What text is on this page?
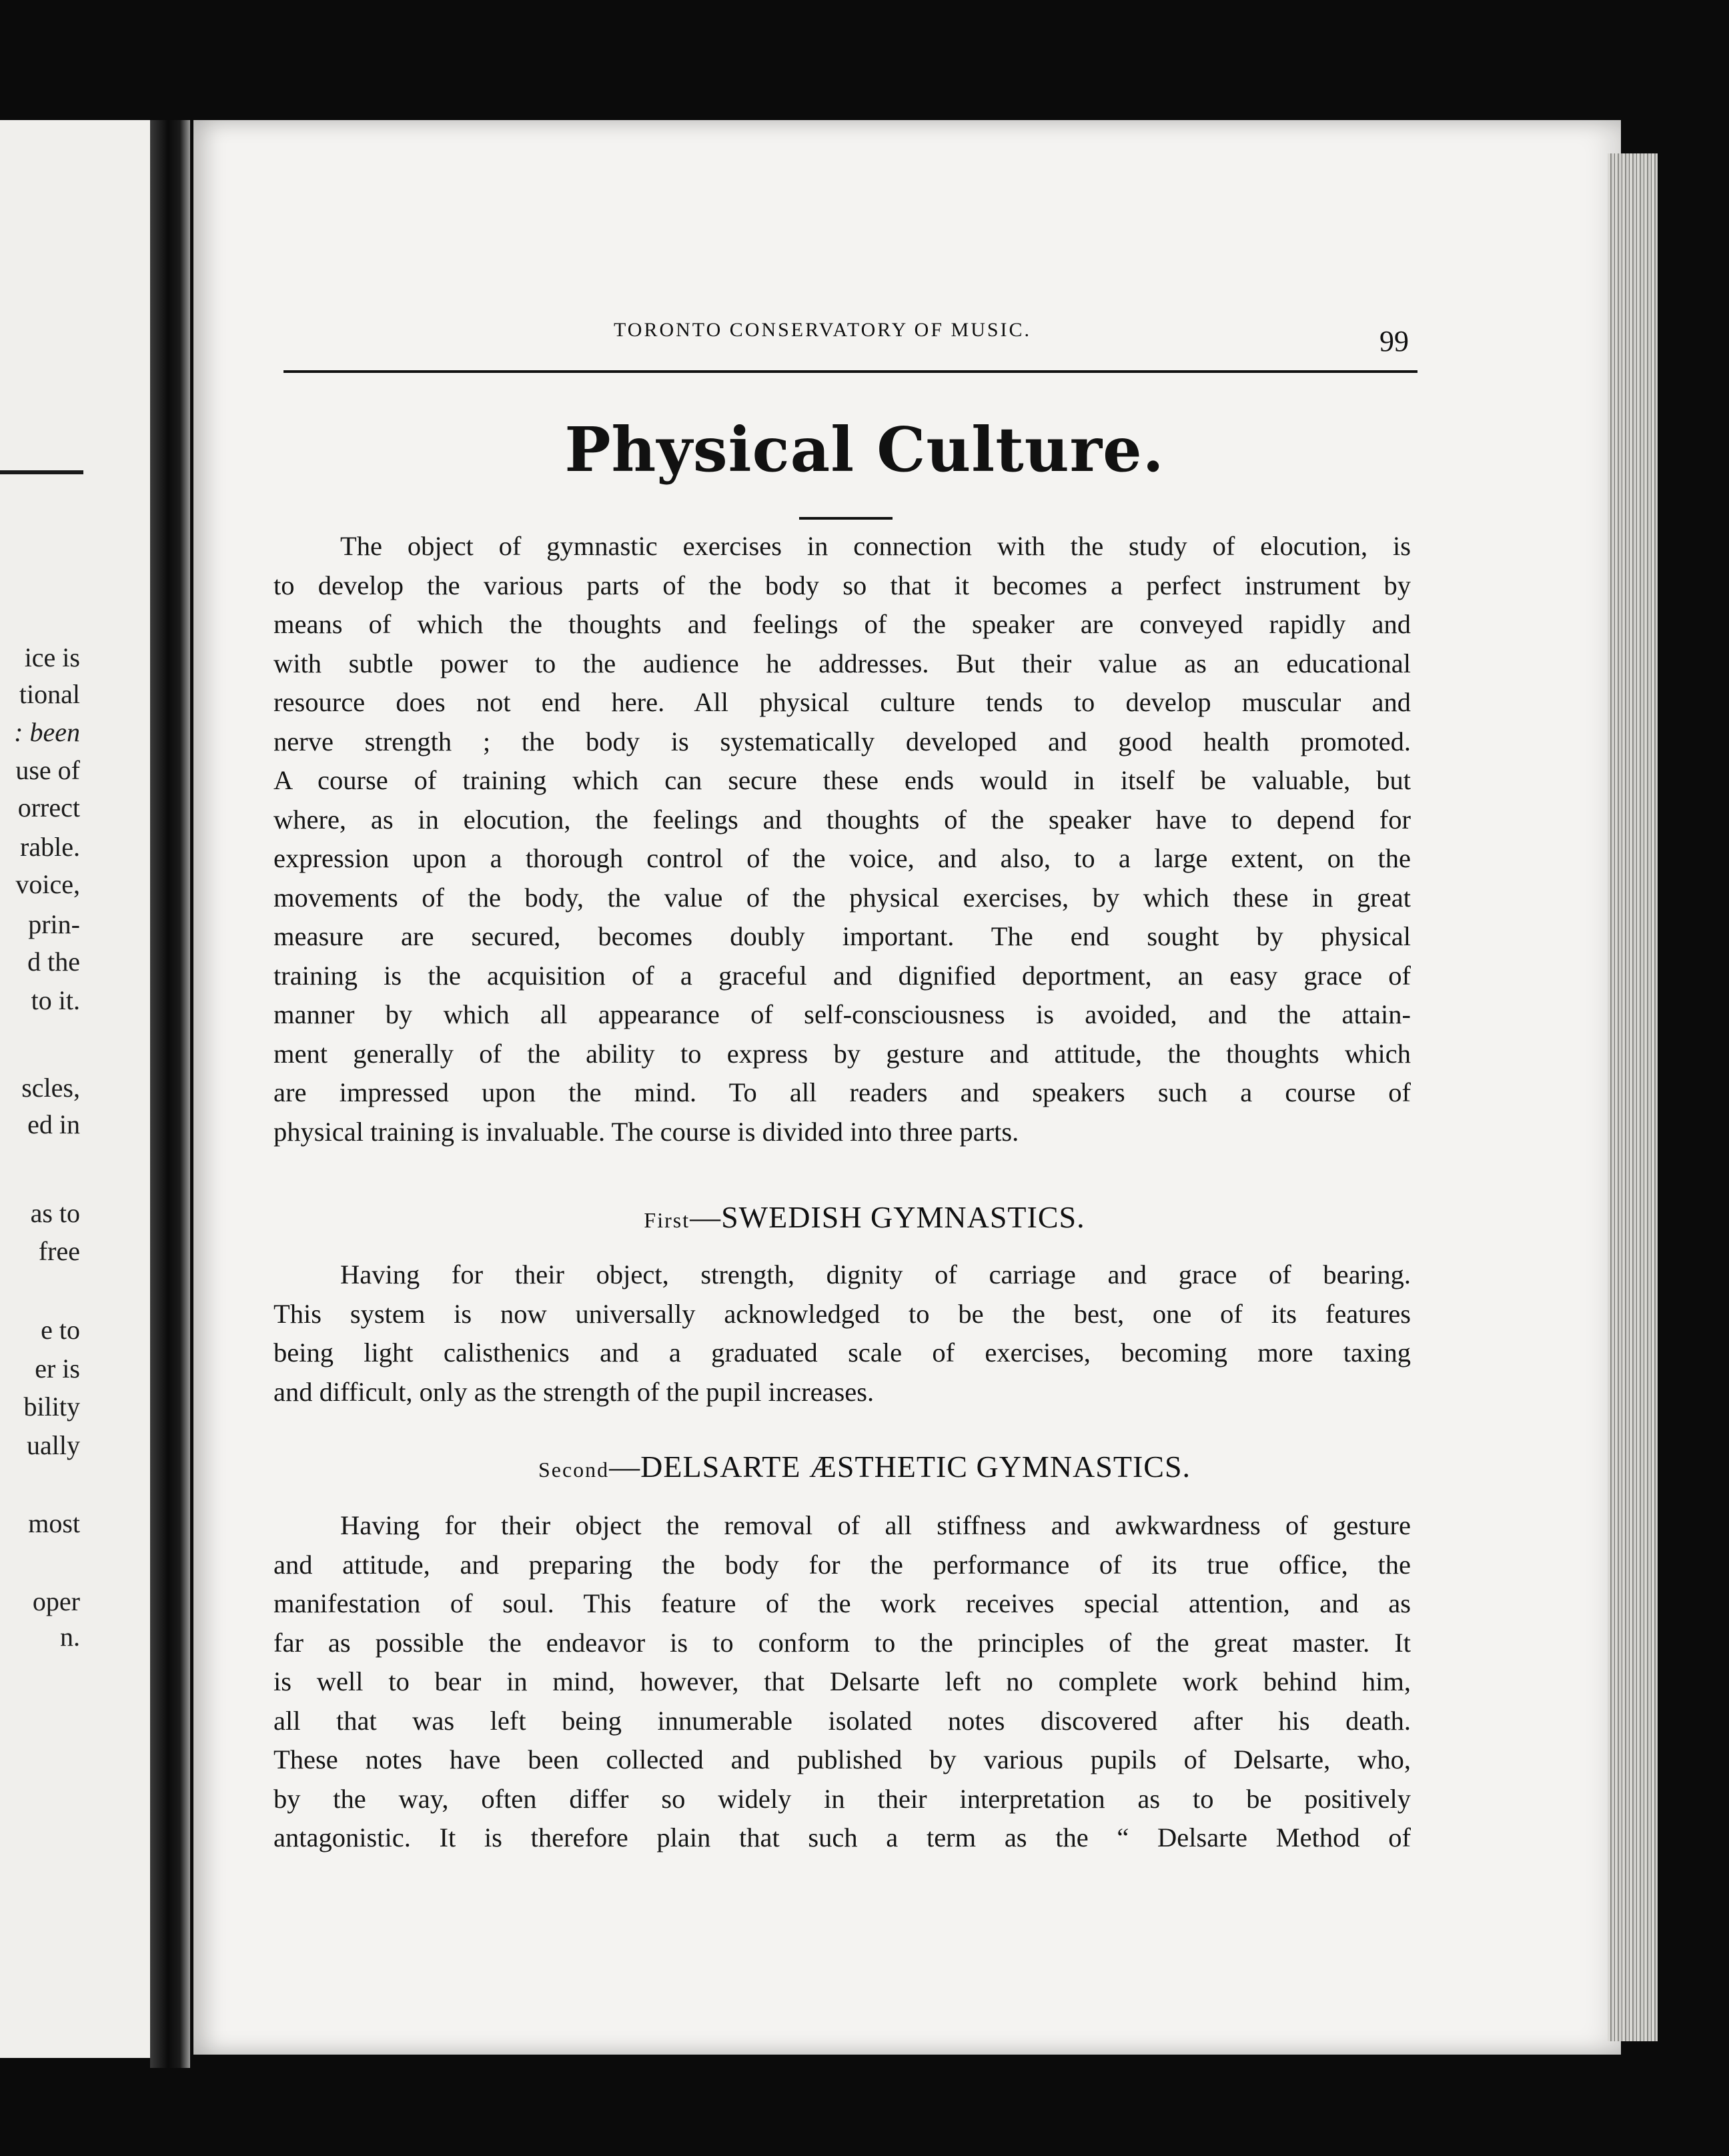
ice is
tional
: been
use of
orrect
rable.
voice,
prin-
d the
to it.
scles,
ed in
as to
free
e to
er is
bility
ually
most
oper
n.
TORONTO CONSERVATORY OF MUSIC.	99
Physical Culture.
The object of gymnastic exercises in connection with the study of elocution, is
to develop the various parts of the body so that it becomes a perfect instrument by
means of which the thoughts and feelings of the speaker are conveyed rapidly and
with subtle power to the audience he addresses. But their value as an educational
resource does not end here. All physical culture tends to develop muscular and
nerve strength ; the body is systematically developed and good health promoted.
A course of training which can secure these ends would in itself be valuable, but
where, as in elocution, the feelings and thoughts of the speaker have to depend for
expression upon a thorough control of the voice, and also, to a large extent, on the
movements of the body, the value of the physical exercises, by which these in great
measure are secured, becomes doubly important. The end sought by physical
training is the acquisition of a graceful and dignified deportment, an easy grace of
manner by which all appearance of self-consciousness is avoided, and the attain-
ment generally of the ability to express by gesture and attitude, the thoughts which
are impressed upon the mind. To all readers and speakers such a course of
physical training is invaluable. The course is divided into three parts.
First—SWEDISH GYMNASTICS.
Having for their object, strength, dignity of carriage and grace of bearing.
This system is now universally acknowledged to be the best, one of its features
being light calisthenics and a graduated scale of exercises, becoming more taxing
and difficult, only as the strength of the pupil increases.
Second—DELSARTE ÆSTHETIC GYMNASTICS.
Having for their object the removal of all stiffness and awkwardness of gesture
and attitude, and preparing the body for the performance of its true office, the
manifestation of soul. This feature of the work receives special attention, and as
far as possible the endeavor is to conform to the principles of the great master. It
is well to bear in mind, however, that Delsarte left no complete work behind him,
all that was left being innumerable isolated notes discovered after his death.
These notes have been collected and published by various pupils of Delsarte, who,
by the way, often differ so widely in their interpretation as to be positively
antagonistic. It is therefore plain that such a term as the “ Delsarte Method of
